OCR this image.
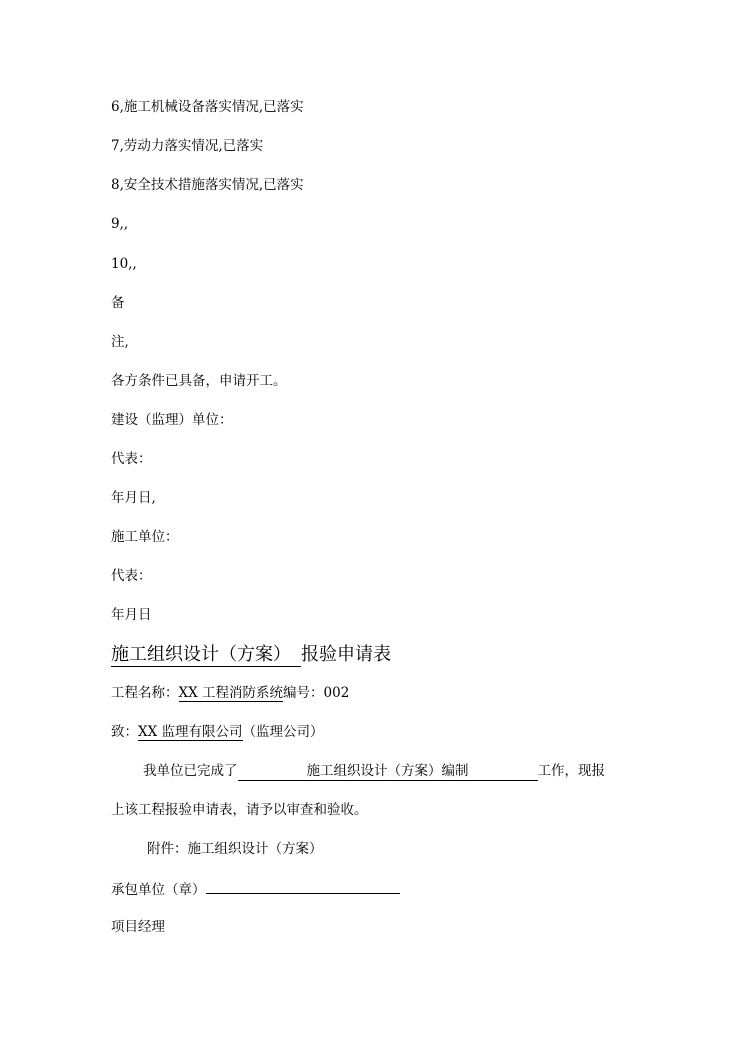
6,施工机械设备落实情况,已落实
7,劳动力落实情况,已落实
8,安全技术措施落实情况,已落实
9,,
10,,
备
注,
各方条件已具备，申请开工。
建设（监理）单位：
代表：
年月日,
施工单位：
代表：
年月日
施工组织设计（方案） 报验申请表
工程名称：XX 工程消防系统编号：002
致：XX 监理有限公司（监理公司）
我单位已完成了	施工组织设计（方案）编制	工作，现报
上该工程报验申请表，请予以审查和验收。
附件：施工组织设计（方案）
承包单位（章）
项目经理
